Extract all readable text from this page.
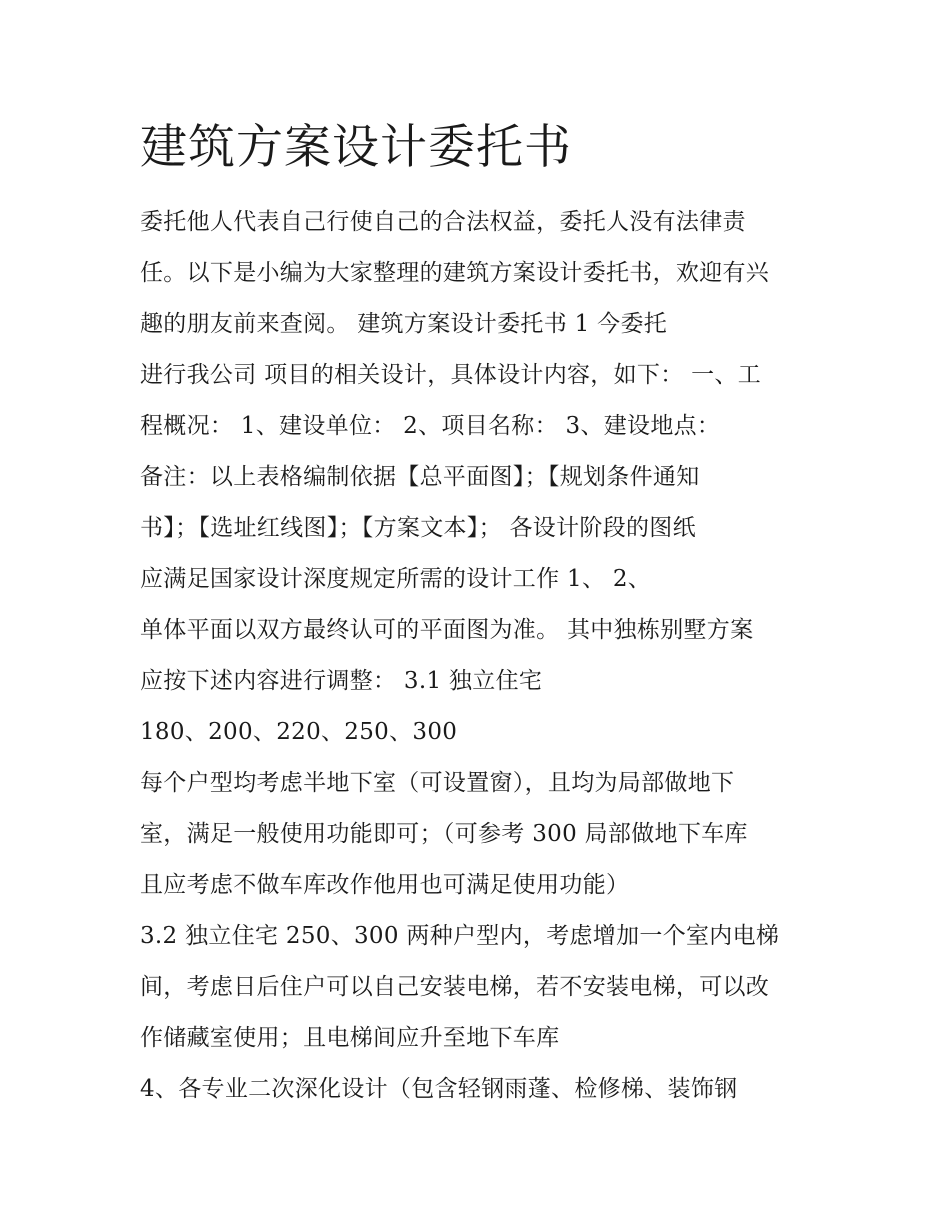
建筑方案设计委托书
委托他人代表自己行使自己的合法权益，委托人没有法律责
任。以下是小编为大家整理的建筑方案设计委托书，欢迎有兴
趣的朋友前来查阅。 建筑方案设计委托书 1 今委托
进行我公司 项目的相关设计，具体设计内容，如下： 一、工
程概况： 1、建设单位： 2、项目名称： 3、建设地点：
备注：以上表格编制依据【总平面图】；【规划条件通知
书】；【选址红线图】；【方案文本】； 各设计阶段的图纸
应满足国家设计深度规定所需的设计工作 1、 2、
单体平面以双方最终认可的平面图为准。 其中独栋别墅方案
应按下述内容进行调整： 3.1 独立住宅
180、200、220、250、300
每个户型均考虑半地下室（可设置窗），且均为局部做地下
室，满足一般使用功能即可；（可参考 300 局部做地下车库
且应考虑不做车库改作他用也可满足使用功能）
3.2 独立住宅 250、300 两种户型内，考虑增加一个室内电梯
间，考虑日后住户可以自己安装电梯，若不安装电梯，可以改
作储藏室使用；且电梯间应升至地下车库
4、各专业二次深化设计（包含轻钢雨蓬、检修梯、装饰钢
